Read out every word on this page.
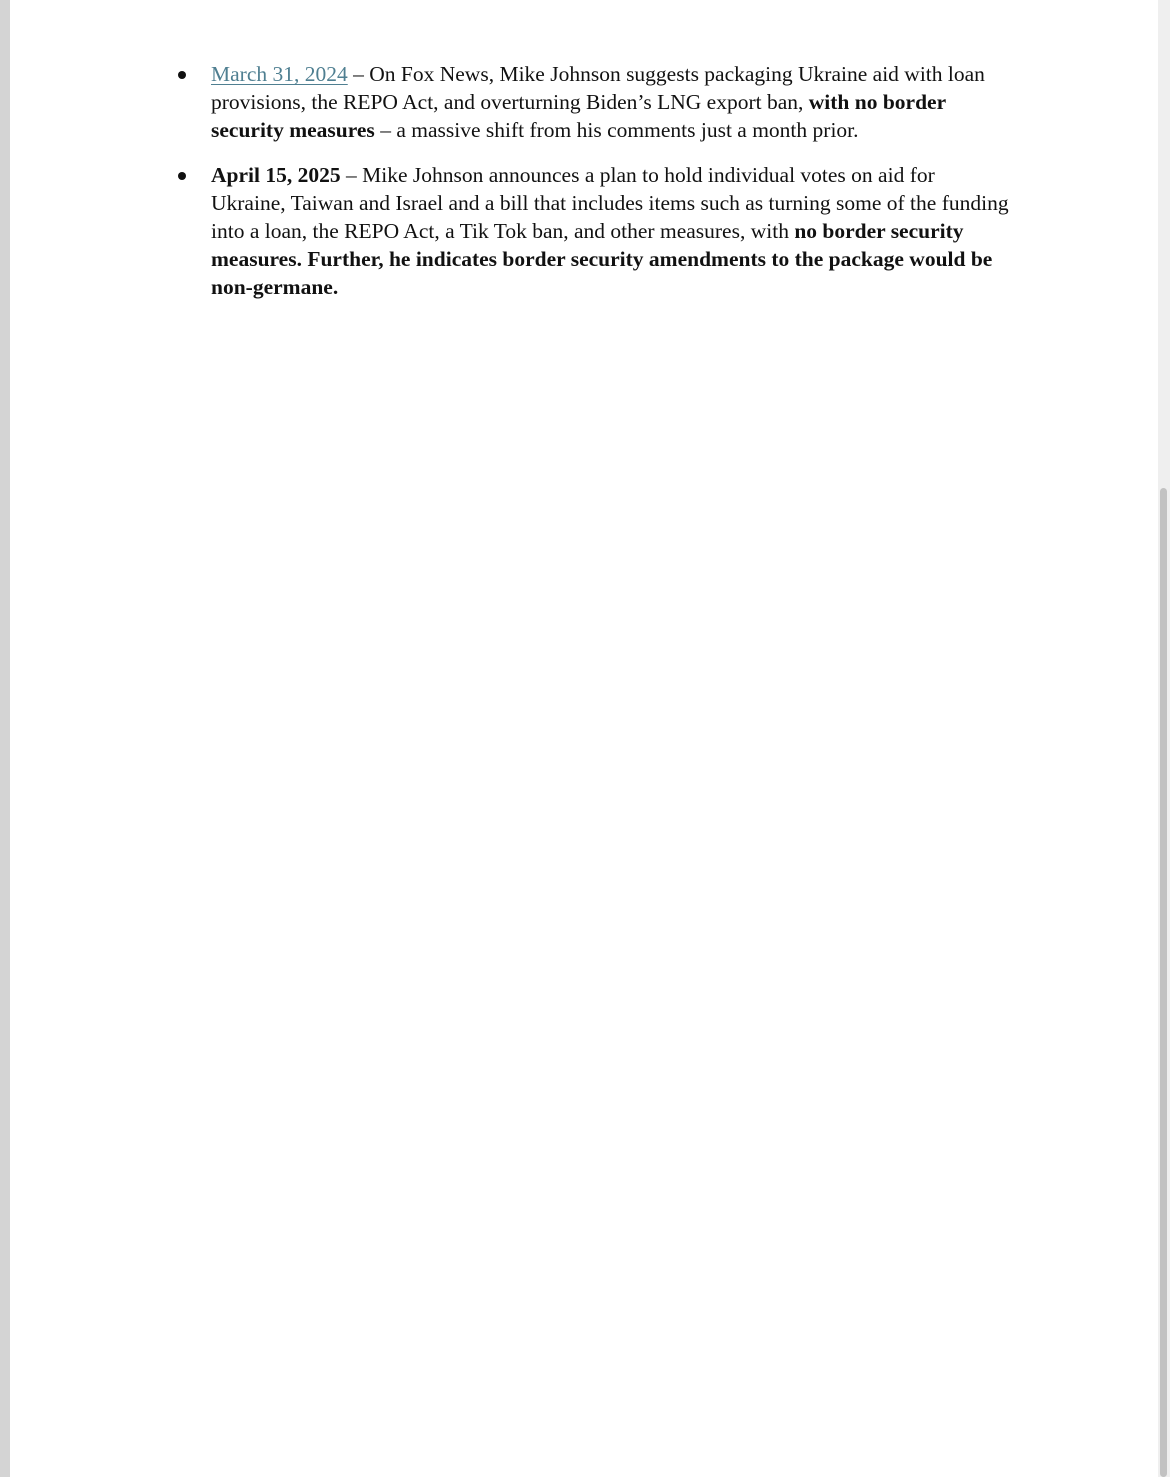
March 31, 2024 – On Fox News, Mike Johnson suggests packaging Ukraine aid with loan provisions, the REPO Act, and overturning Biden’s LNG export ban, with no border security measures – a massive shift from his comments just a month prior.
April 15, 2025 – Mike Johnson announces a plan to hold individual votes on aid for Ukraine, Taiwan and Israel and a bill that includes items such as turning some of the funding into a loan, the REPO Act, a Tik Tok ban, and other measures, with no border security measures. Further, he indicates border security amendments to the package would be non-germane.
